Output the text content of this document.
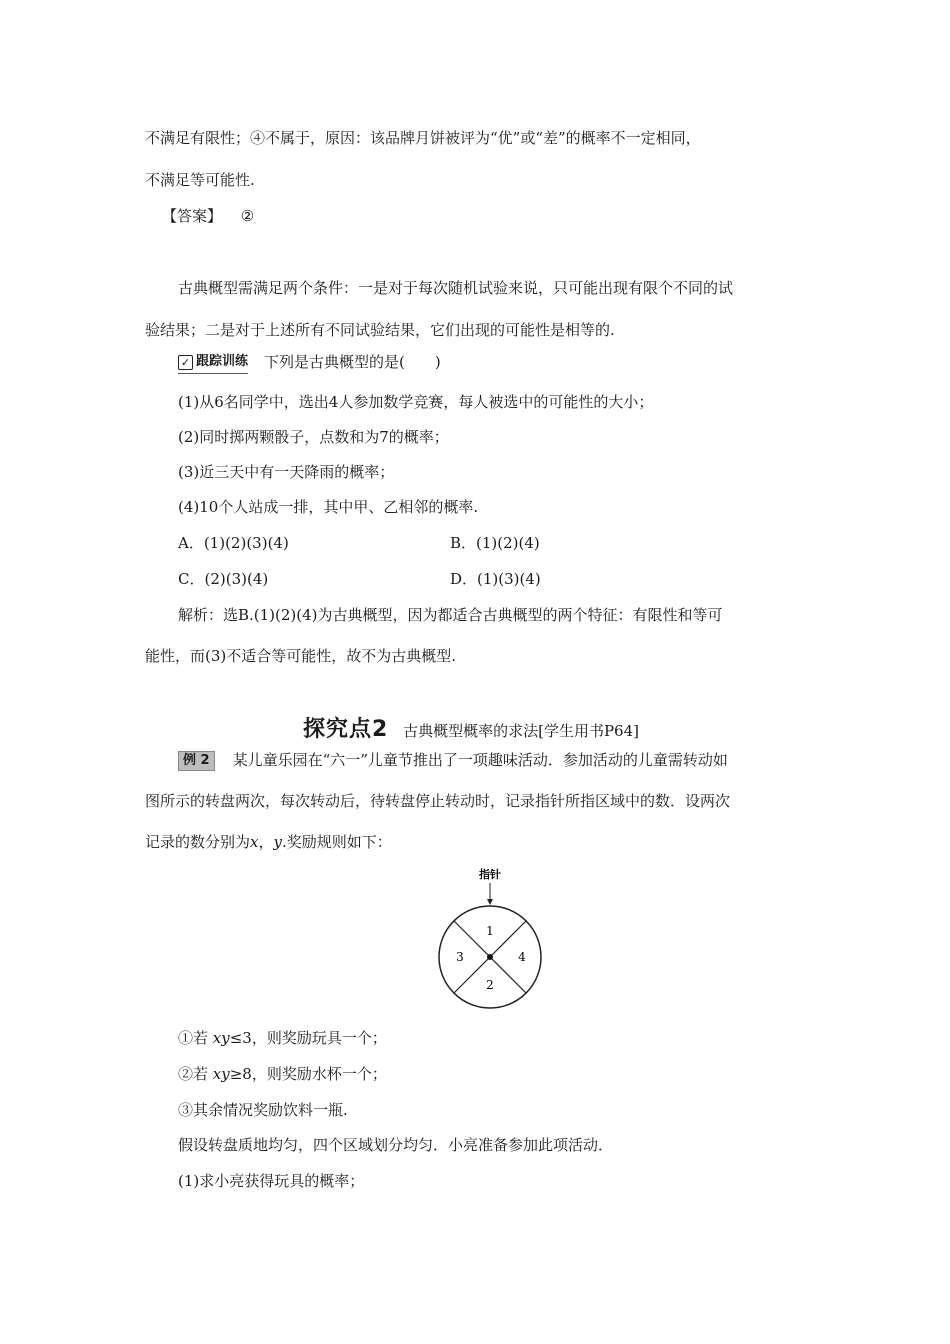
不满足有限性；④不属于，原因：该品牌月饼被评为“优”或“差”的概率不一定相同，
不满足等可能性.
【答案】 ②
古典概型需满足两个条件：一是对于每次随机试验来说，只可能出现有限个不同的试
验结果；二是对于上述所有不同试验结果，它们出现的可能性是相等的.
✓ 跟踪训练 下列是古典概型的是(　　)
(1)从6名同学中，选出4人参加数学竞赛，每人被选中的可能性的大小；
(2)同时掷两颗骰子，点数和为7的概率；
(3)近三天中有一天降雨的概率；
(4)10个人站成一排，其中甲、乙相邻的概率.
A．(1)(2)(3)(4)	B．(1)(2)(4)
C．(2)(3)(4)	D．(1)(3)(4)
解析：选B.(1)(2)(4)为古典概型，因为都适合古典概型的两个特征：有限性和等可
能性，而(3)不适合等可能性，故不为古典概型.
探究点2 古典概型概率的求法[学生用书P64]
例 2 某儿童乐园在“六一”儿童节推出了一项趣味活动．参加活动的儿童需转动如
图所示的转盘两次，每次转动后，待转盘停止转动时，记录指针所指区域中的数．设两次
记录的数分别为x，y.奖励规则如下：
指针
1
4
2
3
①若 xy≤3，则奖励玩具一个；
②若 xy≥8，则奖励水杯一个；
③其余情况奖励饮料一瓶.
假设转盘质地均匀，四个区域划分均匀．小亮准备参加此项活动．
(1)求小亮获得玩具的概率；
